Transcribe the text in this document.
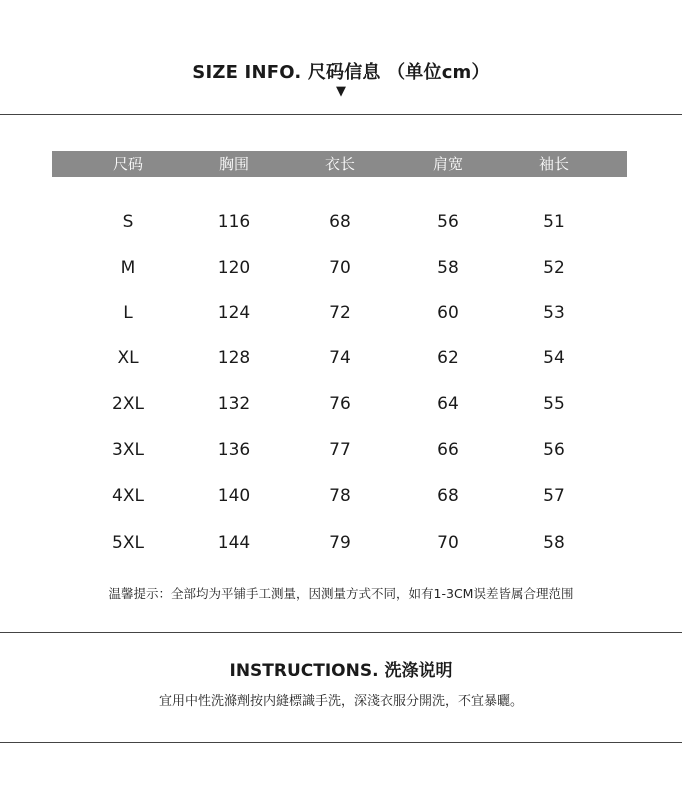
SIZE INFO. 尺码信息 （单位cm）
▼
尺码	胸围	衣长	肩宽	袖长
S	116	68	56	51
M	120	70	58	52
L	124	72	60	53
XL	128	74	62	54
2XL	132	76	64	55
3XL	136	77	66	56
4XL	140	78	68	57
5XL	144	79	70	58
温馨提示：全部均为平铺手工测量，因测量方式不同，如有1-3CM误差皆属合理范围
INSTRUCTIONS. 洗涤说明
宜用中性洗滌劑按内縫標識手洗，深淺衣服分開洗，不宜暴曬。
